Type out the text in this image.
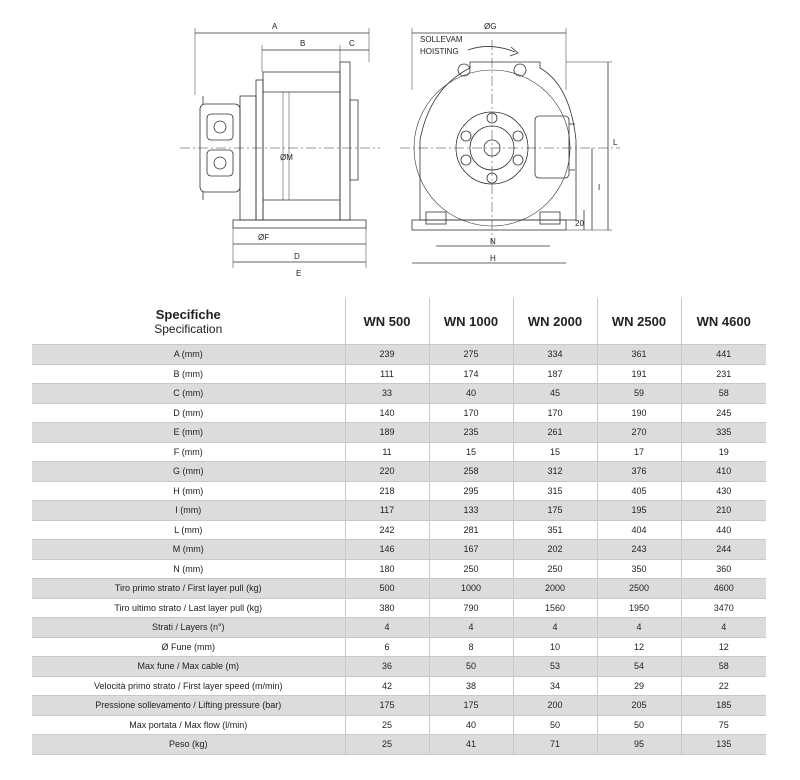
A
B	C
D
E
ØF
ØM
ØG
SOLLEVAM
HOISTING
N
H
I
L
20
Specifiche
Specification	WN 500	WN 1000	WN 2000	WN 2500	WN 4600
A (mm)	239	275	334	361	441
B (mm)	111	174	187	191	231
C (mm)	33	40	45	59	58
D (mm)	140	170	170	190	245
E (mm)	189	235	261	270	335
F (mm)	11	15	15	17	19
G (mm)	220	258	312	376	410
H (mm)	218	295	315	405	430
I (mm)	117	133	175	195	210
L (mm)	242	281	351	404	440
M (mm)	146	167	202	243	244
N (mm)	180	250	250	350	360
Tiro primo strato / First layer pull (kg)	500	1000	2000	2500	4600
Tiro ultimo strato / Last layer pull (kg)	380	790	1560	1950	3470
Strati / Layers (n°)	4	4	4	4	4
Ø Fune (mm)	6	8	10	12	12
Max fune / Max cable (m)	36	50	53	54	58
Velocità primo strato / First layer speed (m/min)	42	38	34	29	22
Pressione sollevamento / Lifting pressure (bar)	175	175	200	205	185
Max portata / Max flow (l/min)	25	40	50	50	75
Peso (kg)	25	41	71	95	135
